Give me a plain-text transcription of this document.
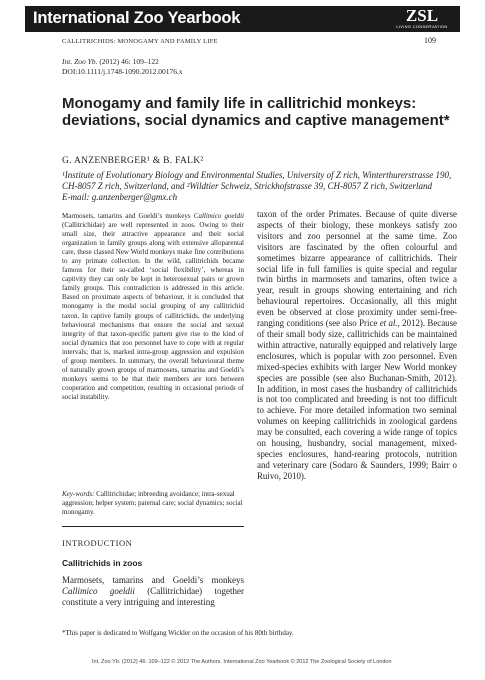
International Zoo Yearbook	ZSL
LIVING CONSERVATION
CALLITRICHIDS: MONOGAMY AND FAMILY LIFE	109
Int. Zoo Yb. (2012) 46: 109–122
DOI:10.1111/j.1748-1090.2012.00176.x
Monogamy and family life in callitrichid monkeys: deviations, social dynamics and captive management*
G. ANZENBERGER¹ & B. FALK²
¹Institute of Evolutionary Biology and Environmental Studies, University of Z rich, Winterthurerstrasse 190, CH-8057 Z rich, Switzerland, and ²Wildtier Schweiz, Strickhofstrasse 39, CH-8057 Z rich, Switzerland
E-mail: g.anzenberger@gmx.ch

Marmosets, tamarins and Goeldi’s monkeys Callimico goeldii (Callitrichidae) are well represented in zoos. Owing to their small size, their attractive appearance and their social organization in family groups along with extensive alloparental care, these classed New World monkeys make fine contributions to any primate collection. In the wild, callitrichids became famous for their so-called ‘social flexibility’, whereas in captivity they can only be kept in heterosexual pairs or grown family groups. This contradiction is addressed in this article. Based on proximate aspects of behaviour, it is concluded that monogamy is the modal social grouping of any callitrichid taxon. In captive family groups of callitrichids, the underlying behavioural mechanisms that ensure the social and sexual integrity of that taxon-specific pattern give rise to the kind of social dynamics that zoo personnel have to cope with at regular intervals; that is, marked intra-group aggression and expulsion of group members. In summary, the overall behavioural theme of naturally grown groups of marmosets, tamarins and Goeldi’s monkeys seems to be that their members are torn between cooperation and competition, resulting in occasional periods of social instability.

Key-words: Callitrichidae; inbreeding avoidance; intra-sexual aggression; helper system; paternal care; social dynamics; social monogamy.

INTRODUCTION
Callitrichids in zoos

Marmosets, tamarins and Goeldi’s monkeys Callimico goeldii (Callitrichidae) together constitute a very intriguing and interesting

taxon of the order Primates. Because of quite diverse aspects of their biology, these monkeys satisfy zoo visitors and zoo personnel at the same time. Zoo visitors are fascinated by the often colourful and sometimes bizarre appearance of callitrichids. Their social life in full families is quite special and regular twin births in marmosets and tamarins, often twice a year, result in groups showing entertaining and rich behavioural repertoires. Occasionally, all this might even be observed at close proximity under semi-free-ranging conditions (see also Price et al., 2012). Because of their small body size, callitrichids can be maintained within attractive, naturally equipped and relatively large enclosures, which is popular with zoo personnel. Even mixed-species exhibits with larger New World monkey species are possible (see also Buchanan-Smith, 2012). In addition, in most cases the husbandry of callitrichids is not too complicated and breeding is not too difficult to achieve. For more detailed information two seminal volumes on keeping callitrichids in zoological gardens may be consulted, each covering a wide range of topics on housing, husbandry, social management, mixed-species enclosures, hand-rearing protocols, nutrition and veterinary care (Sodaro & Saunders, 1999; Bairr o Ruivo, 2010).

*This paper is dedicated to Wolfgang Wickler on the occasion of his 80th birthday.
Int. Zoo Yb. (2012) 46: 109–122 © 2012 The Authors. International Zoo Yearbook © 2012 The Zoological Society of London
